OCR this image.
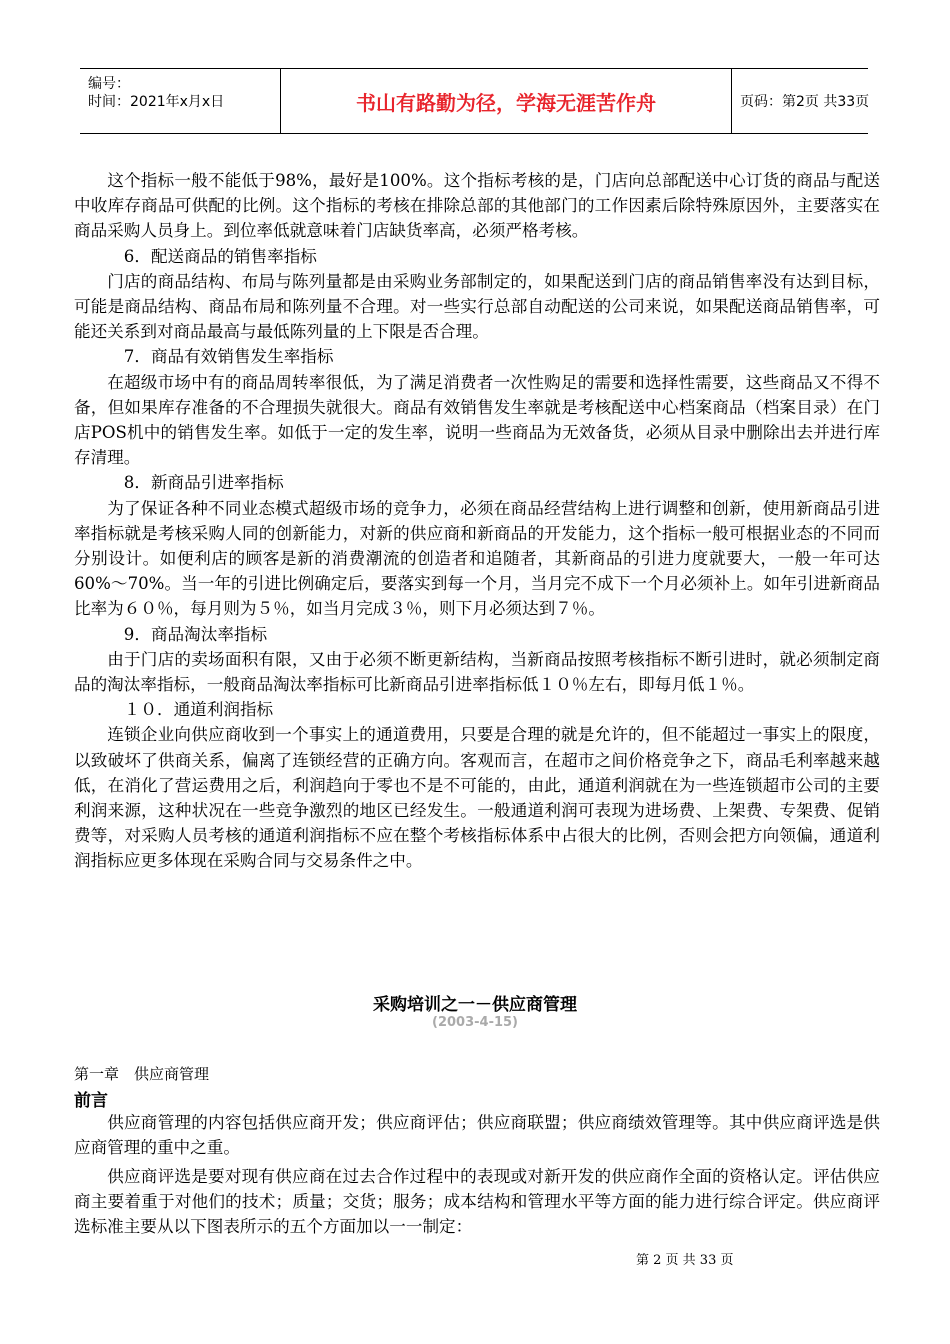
编号：
时间：2021年x月x日	书山有路勤为径，学海无涯苦作舟	页码：第2页 共33页

这个指标一般不能低于98%，最好是100%。这个指标考核的是，门店向总部配送中心订货的商品与配送中收库存商品可供配的比例。这个指标的考核在排除总部的其他部门的工作因素后除特殊原因外，主要落实在商品采购人员身上。到位率低就意味着门店缺货率高，必须严格考核。

6．配送商品的销售率指标

门店的商品结构、布局与陈列量都是由采购业务部制定的，如果配送到门店的商品销售率没有达到目标，可能是商品结构、商品布局和陈列量不合理。对一些实行总部自动配送的公司来说，如果配送商品销售率，可能还关系到对商品最高与最低陈列量的上下限是否合理。

7．商品有效销售发生率指标

在超级市场中有的商品周转率很低，为了满足消费者一次性购足的需要和选择性需要，这些商品又不得不备，但如果库存准备的不合理损失就很大。商品有效销售发生率就是考核配送中心档案商品（档案目录）在门店POS机中的销售发生率。如低于一定的发生率，说明一些商品为无效备货，必须从目录中删除出去并进行库存清理。

8．新商品引进率指标

为了保证各种不同业态模式超级市场的竞争力，必须在商品经营结构上进行调整和创新，使用新商品引进率指标就是考核采购人同的创新能力，对新的供应商和新商品的开发能力，这个指标一般可根据业态的不同而分别设计。如便利店的顾客是新的消费潮流的创造者和追随者，其新商品的引进力度就要大，一般一年可达60%～70%。当一年的引进比例确定后，要落实到每一个月，当月完不成下一个月必须补上。如年引进新商品比率为６０％，每月则为５％，如当月完成３％，则下月必须达到７％。

9．商品淘汰率指标

由于门店的卖场面积有限，又由于必须不断更新结构，当新商品按照考核指标不断引进时，就必须制定商品的淘汰率指标，一般商品淘汰率指标可比新商品引进率指标低１０％左右，即每月低１％。

１０．通道利润指标

连锁企业向供应商收到一个事实上的通道费用，只要是合理的就是允许的，但不能超过一事实上的限度，以致破坏了供商关系，偏离了连锁经营的正确方向。客观而言，在超市之间价格竞争之下，商品毛利率越来越低，在消化了营运费用之后，利润趋向于零也不是不可能的，由此，通道利润就在为一些连锁超市公司的主要利润来源，这种状况在一些竞争激烈的地区已经发生。一般通道利润可表现为进场费、上架费、专架费、促销费等，对采购人员考核的通道利润指标不应在整个考核指标体系中占很大的比例，否则会把方向领偏，通道利润指标应更多体现在采购合同与交易条件之中。

采购培训之一－供应商管理
(2003-4-15)
第一章　供应商管理
前言

供应商管理的内容包括供应商开发；供应商评估；供应商联盟；供应商绩效管理等。其中供应商评选是供应商管理的重中之重。

供应商评选是要对现有供应商在过去合作过程中的表现或对新开发的供应商作全面的资格认定。评估供应商主要着重于对他们的技术；质量；交货；服务；成本结构和管理水平等方面的能力进行综合评定。供应商评选标准主要从以下图表所示的五个方面加以一一制定：

第 2 页 共 33 页
